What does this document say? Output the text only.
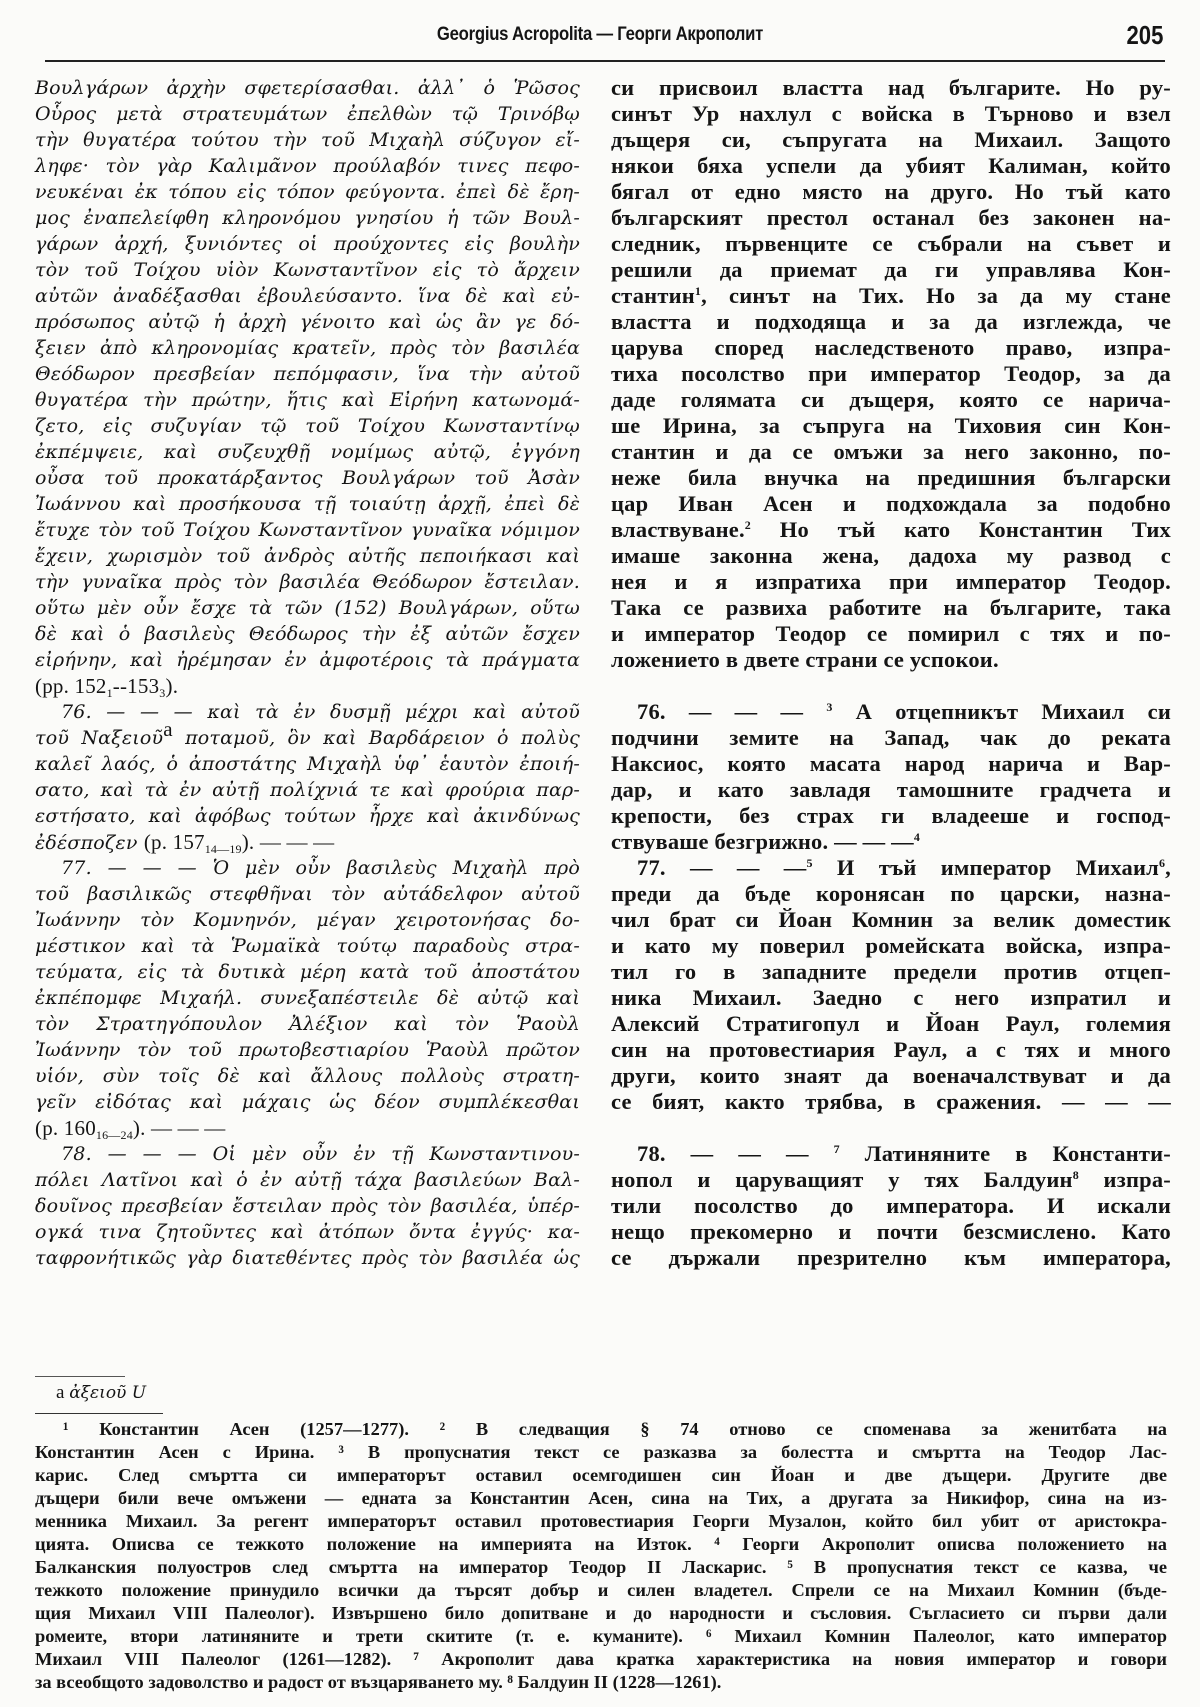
Georgius Acropolita — Георги Акрополит	205
Βουλγάρων ἀρχὴν σφετερίσασθαι. ἀλλ᾽ ὁ Ῥῶσος
Οὗρος μετὰ στρατευμάτων ἐπελθὼν τῷ Τρινόβῳ
τὴν θυγατέρα τούτου τὴν τοῦ Μιχαὴλ σύζυγον εἴ-
ληφε· τὸν γὰρ Καλιμᾶνον προύλαβόν τινες πεφο-
νευκέναι ἐκ τόπου εἰς τόπον φεύγοντα. ἐπεὶ δὲ ἔρη-
μος ἐναπελείφθη κληρονόμου γνησίου ἡ τῶν Βουλ-
γάρων ἀρχή, ξυνιόντες οἱ προύχοντες εἰς βουλὴν
τὸν τοῦ Τοίχου υἱὸν Κωνσταντῖνον εἰς τὸ ἄρχειν
αὐτῶν ἀναδέξασθαι ἐβουλεύσαντο. ἵνα δὲ καὶ εὐ-
πρόσωπος αὐτῷ ἡ ἀρχὴ γένοιτο καὶ ὡς ἂν γε δό-
ξειεν ἀπὸ κληρονομίας κρατεῖν, πρὸς τὸν βασιλέα
Θεόδωρον πρεσβείαν πεπόμφασιν, ἵνα τὴν αὐτοῦ
θυγατέρα τὴν πρώτην, ἥτις καὶ Εἰρήνη κατωνομά-
ζετο, εἰς συζυγίαν τῷ τοῦ Τοίχου Κωνσταντίνῳ
ἐκπέμψειε, καὶ συζευχθῇ νομίμως αὐτῷ, ἐγγόνη
οὖσα τοῦ προκατάρξαντος Βουλγάρων τοῦ Ἀσὰν
Ἰωάννου καὶ προσήκουσα τῇ τοιαύτῃ ἀρχῇ, ἐπεὶ δὲ
ἔτυχε τὸν τοῦ Τοίχου Κωνσταντῖνον γυναῖκα νόμιμον
ἔχειν, χωρισμὸν τοῦ ἀνδρὸς αὐτῆς πεποιήκασι καὶ
τὴν γυναῖκα πρὸς τὸν βασιλέα Θεόδωρον ἔστειλαν.
οὕτω μὲν οὖν ἔσχε τὰ τῶν (152) Βουλγάρων, οὕτω
δὲ καὶ ὁ βασιλεὺς Θεόδωρος τὴν ἐξ αὐτῶν ἔσχεν
εἰρήνην, καὶ ἠρέμησαν ἐν ἀμφοτέροις τὰ πράγματα
(pp. $152_1--153_3$).
76. — — — καὶ τὰ ἐν δυσμῇ μέχρι καὶ αὐτοῦ
τοῦ Ναξειοῦ$^a$ ποταμοῦ, ὃν καὶ Βαρδάρειον ὁ πολὺς
καλεῖ λαός, ὁ ἀποστάτης Μιχαὴλ ὑφ᾽ ἑαυτὸν ἐποιή-
σατο, καὶ τὰ ἐν αὐτῇ πολίχνιά τε καὶ φρούρια παρ-
εστήσατο, καὶ ἀφόβως τούτων ἦρχε καὶ ἀκινδύνως
ἐδέσποζεν (p. $157_{14—19}$). — — —
77. — — — Ὁ μὲν οὖν βασιλεὺς Μιχαὴλ πρὸ
τοῦ βασιλικῶς στεφθῆναι τὸν αὐτάδελφον αὐτοῦ
Ἰωάννην τὸν Κομνηνόν, μέγαν χειροτονήσας δο-
μέστικον καὶ τὰ Ῥωμαϊκὰ τούτῳ παραδοὺς στρα-
τεύματα, εἰς τὰ δυτικὰ μέρη κατὰ τοῦ ἀποστάτου
ἐκπέπομφε Μιχαήλ. συνεξαπέστειλε δὲ αὐτῷ καὶ
τὸν Στρατηγόπουλον Ἀλέξιον καὶ τὸν Ῥαοὺλ
Ἰωάννην τὸν τοῦ πρωτοβεστιαρίου Ῥαοὺλ πρῶτον
υἱόν, σὺν τοῖς δὲ καὶ ἄλλους πολλοὺς στρατη-
γεῖν εἰδότας καὶ μάχαις ὡς δέον συμπλέκεσθαι
(p. $160_{16—24}$). — — —
78. — — — Οἱ μὲν οὖν ἐν τῇ Κωνσταντινου-
πόλει Λατῖνοι καὶ ὁ ἐν αὐτῇ τάχα βασιλεύων Βαλ-
δουῖνος πρεσβείαν ἔστειλαν πρὸς τὸν βασιλέα, ὑπέρ-
ογκά τινα ζητοῦντες καὶ ἀτόπων ὄντα ἐγγύς· κα-
ταφρονήτικῶς γὰρ διατεθέντες πρὸς τὸν βασιλέα ὡς
си присвоил властта над българите. Но ру-
синът Ур нахлул с войска в Търново и взел
дъщеря си, съпругата на Михаил. Защото
някои бяха успели да убият Калиман, който
бягал от едно място на друго. Но тъй като
българският престол останал без законен на-
следник, първенците се събрали на съвет и
решили да приемат да ги управлява Кон-
стантин$^1$, синът на Тих. Но за да му стане
властта и подходяща и за да изглежда, че
царува според наследственото право, изпра-
тиха посолство при император Теодор, за да
даде голямата си дъщеря, която се нарича-
ше Ирина, за съпруга на Тиховия син Кон-
стантин и да се омъжи за него законно, по-
неже била внучка на предишния български
цар Иван Асен и подхождала за подобно
властвуване.$^2$ Но тъй като Константин Тих
имаше законна жена, дадоха му развод с
нея и я изпратиха при император Теодор.
Така се развиха работите на българите, така
и император Теодор се помирил с тях и по-
ложението в двете страни се успокои.
76. — — — $^3$ А отцепникът Михаил си
подчини земите на Запад, чак до реката
Наксиос, която масата народ нарича и Вар-
дар, и като завладя тамошните градчета и
крепости, без страх ги владееше и господ-
ствуваше безгрижно. — — —$^4$
77. — — —$^5$ И тъй император Михаил$^6$,
преди да бъде коронясан по царски, назна-
чил брат си Йоан Комнин за велик доместик
и като му поверил ромейската войска, изпра-
тил го в западните предели против отцеп-
ника Михаил. Заедно с него изпратил и
Алексий Стратигопул и Йоан Раул, големия
син на протовестиария Раул, а с тях и много
други, които знаят да военачалствуват и да
се бият, както трябва, в сражения. — — —
78. — — — $^7$ Латиняните в Константи-
нопол и царуващият у тях Балдуин$^8$ изпра-
тили посолство до императора. И искали
нещо прекомерно и почти безсмислено. Като
се държали презрително към императора,
a ἀξειοῦ U
¹ Константин Асен (1257—1277). ² В следващия § 74 отново се споменава за женитбата на
Константин Асен с Ирина. ³ В пропуснатия текст се разказва за болестта и смъртта на Теодор Лас-
карис. След смъртта си императорът оставил осемгодишен син Йоан и две дъщери. Другите две
дъщери били вече омъжени — едната за Константин Асен, сина на Тих, а другата за Никифор, сина на из-
менника Михаил. За регент императорът оставил протовестиария Георги Музалон, който бил убит от аристокра-
цията. Описва се тежкото положение на империята на Изток. ⁴ Георги Акрополит описва положението на
Балканския полуостров след смъртта на император Теодор II Ласкарис. ⁵ В пропуснатия текст се казва, че
тежкото положение принудило всички да търсят добър и силен владетел. Спрели се на Михаил Комнин (бъде-
щия Михаил VIII Палеолог). Извършено било допитване и до народности и съсловия. Съгласието си първи дали
ромеите, втори латиняните и трети скитите (т. е. куманите). ⁶ Михаил Комнин Палеолог, като император
Михаил VIII Палеолог (1261—1282). ⁷ Акрополит дава кратка характеристика на новия император и говори
за всеобщото задоволство и радост от възцаряването му. ⁸ Балдуин II (1228—1261).
